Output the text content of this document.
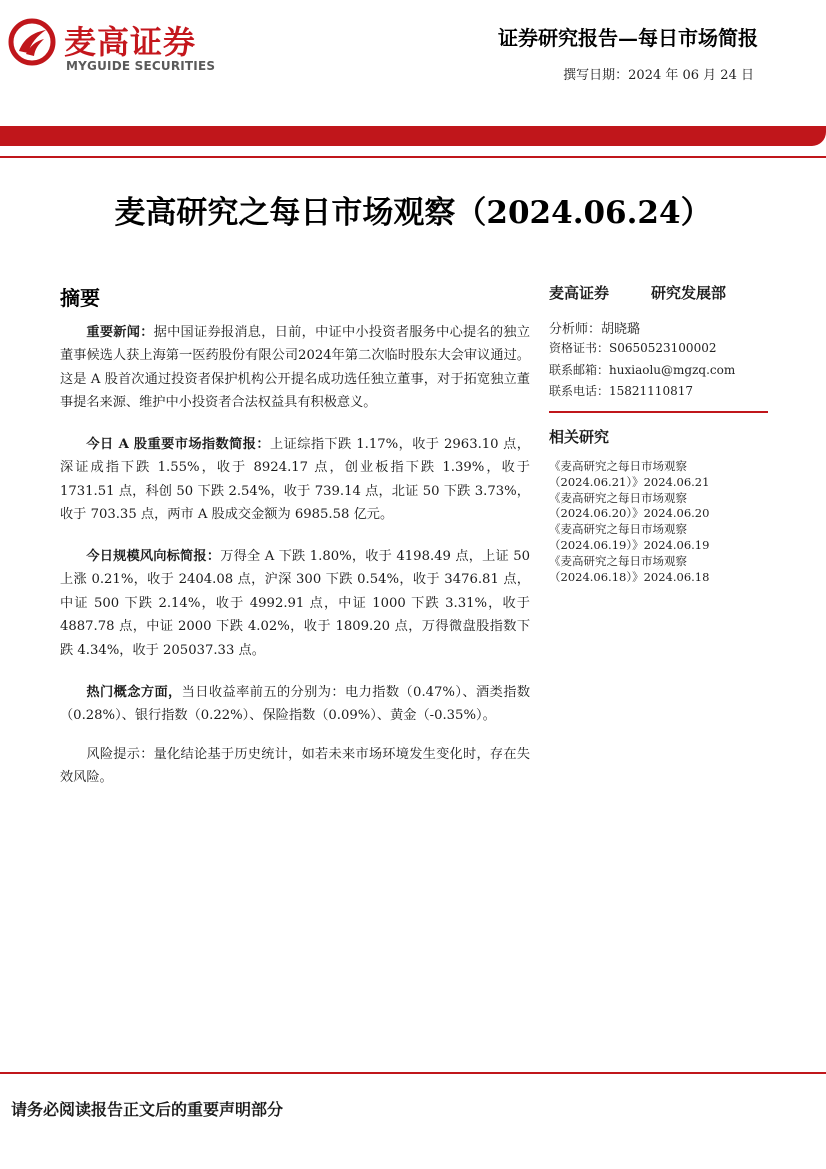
麦高证券
MYGUIDE SECURITIES
证券研究报告—每日市场简报
撰写日期：2024 年 06 月 24 日
麦高研究之每日市场观察（2024.06.24）
摘要

重要新闻：据中国证券报消息，日前，中证中小投资者服务中心提名的独立董事候选人获上海第一医药股份有限公司2024年第二次临时股东大会审议通过。这是 A 股首次通过投资者保护机构公开提名成功选任独立董事，对于拓宽独立董事提名来源、维护中小投资者合法权益具有积极意义。

今日 A 股重要市场指数简报：上证综指下跌 1.17%，收于 2963.10 点，深证成指下跌 1.55%，收于 8924.17 点，创业板指下跌 1.39%，收于 1731.51 点，科创 50 下跌 2.54%，收于 739.14 点，北证 50 下跌 3.73%，收于 703.35 点，两市 A 股成交金额为 6985.58 亿元。

今日规模风向标简报：万得全 A 下跌 1.80%，收于 4198.49 点，上证 50 上涨 0.21%，收于 2404.08 点，沪深 300 下跌 0.54%，收于 3476.81 点，中证 500 下跌 2.14%，收于 4992.91 点，中证 1000 下跌 3.31%，收于 4887.78 点，中证 2000 下跌 4.02%，收于 1809.20 点，万得微盘股指数下跌 4.34%，收于 205037.33 点。

热门概念方面，当日收益率前五的分别为：电力指数（0.47%）、酒类指数（0.28%）、银行指数（0.22%）、保险指数（0.09%）、黄金（-0.35%）。

风险提示：量化结论基于历史统计，如若未来市场环境发生变化时，存在失效风险。

麦高证券	研究发展部
分析师：胡晓璐
资格证书：S0650523100002
联系邮箱：huxiaolu@mgzq.com
联系电话：15821110817
相关研究
《麦高研究之每日市场观察
（2024.06.21）》2024.06.21
《麦高研究之每日市场观察
（2024.06.20）》2024.06.20
《麦高研究之每日市场观察
（2024.06.19）》2024.06.19
《麦高研究之每日市场观察
（2024.06.18）》2024.06.18
请务必阅读报告正文后的重要声明部分
